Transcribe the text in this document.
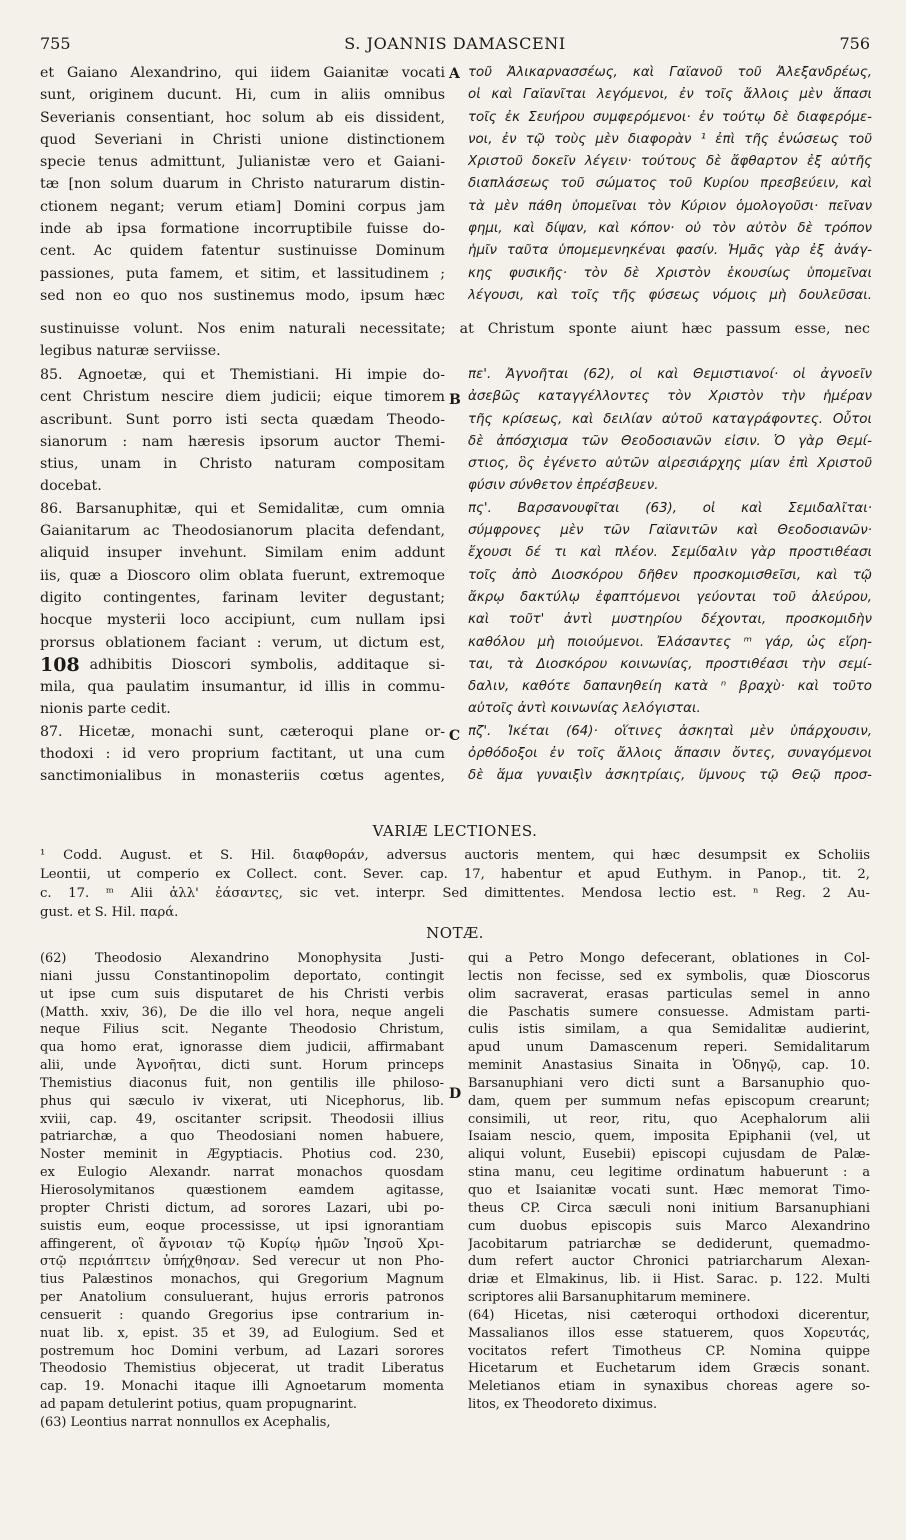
755	S. JOANNIS DAMASCENI	756
A
B
C
D
et Gaiano Alexandrino, qui iidem Gaianitæ vocati
sunt, originem ducunt. Hi, cum in aliis omnibus
Severianis consentiant, hoc solum ab eis dissident,
quod Severiani in Christi unione distinctionem
specie tenus admittunt, Julianistæ vero et Gaiani-
tæ [non solum duarum in Christo naturarum distin-
ctionem negant; verum etiam] Domini corpus jam
inde ab ipsa formatione incorruptibile fuisse do-
cent. Ac quidem fatentur sustinuisse Dominum
passiones, puta famem, et sitim, et lassitudinem ;
sed non eo quo nos sustinemus modo, ipsum hæc
τοῦ Ἀλικαρνασσέως, καὶ Γαϊανοῦ τοῦ Ἀλεξανδρέως,
οἱ καὶ Γαϊανῖται λεγόμενοι, ἐν τοῖς ἄλλοις μὲν ἅπασι
τοῖς ἐκ Σευήρου συμφερόμενοι· ἐν τούτῳ δὲ διαφερόμε-
νοι, ἐν τῷ τοὺς μὲν διαφορὰν ¹ ἐπὶ τῆς ἑνώσεως τοῦ
Χριστοῦ δοκεῖν λέγειν· τούτους δὲ ἄφθαρτον ἐξ αὐτῆς
διαπλάσεως τοῦ σώματος τοῦ Κυρίου πρεσβεύειν, καὶ
τὰ μὲν πάθη ὑπομεῖναι τὸν Κύριον ὁμολογοῦσι· πεῖναν
φημι, καὶ δίψαν, καὶ κόπον· οὐ τὸν αὐτὸν δὲ τρόπον
ἡμῖν ταῦτα ὑπομεμενηκέναι φασίν. Ἡμᾶς γὰρ ἐξ ἀνάγ-
κης φυσικῆς· τὸν δὲ Χριστὸν ἑκουσίως ὑπομεῖναι
λέγουσι, καὶ τοῖς τῆς φύσεως νόμοις μὴ δουλεῦσαι.
sustinuisse volunt. Nos enim naturali necessitate; at Christum sponte aiunt hæc passum esse, nec
legibus naturæ serviisse.
85. Agnoetæ, qui et Themistiani. Hi impie do-
cent Christum nescire diem judicii; eique timorem
ascribunt. Sunt porro isti secta quædam Theodo-
sianorum : nam hæresis ipsorum auctor Themi-
stius, unam in Christo naturam compositam
docebat.
86. Barsanuphitæ, qui et Semidalitæ, cum omnia
Gaianitarum ac Theodosianorum placita defendant,
aliquid insuper invehunt. Similam enim addunt
iis, quæ a Dioscoro olim oblata fuerunt, extremoque
digito contingentes, farinam leviter degustant;
hocque mysterii loco accipiunt, cum nullam ipsi
prorsus oblationem faciant : verum, ut dictum est,
108 adhibitis Dioscori symbolis, additaque si-
mila, qua paulatim insumantur, id illis in commu-
nionis parte cedit.
87. Hicetæ, monachi sunt, cæteroqui plane or-
thodoxi : id vero proprium factitant, ut una cum
sanctimonialibus in monasteriis cœtus agentes,
πε'. Ἀγνοῆται (62), οἱ καὶ Θεμιστιανοί· οἱ ἀγνοεῖν
ἀσεβῶς καταγγέλλοντες τὸν Χριστὸν τὴν ἡμέραν
τῆς κρίσεως, καὶ δειλίαν αὐτοῦ καταγράφοντες. Οὗτοι
δὲ ἀπόσχισμα τῶν Θεοδοσιανῶν εἰσιν. Ὁ γὰρ Θεμί-
στιος, ὃς ἐγένετο αὐτῶν αἱρεσιάρχης μίαν ἐπὶ Χριστοῦ
φύσιν σύνθετον ἐπρέσβευεν.
πς'. Βαρσανουφῖται (63), οἱ καὶ Σεμιδαλῖται·
σύμφρονες μὲν τῶν Γαϊανιτῶν καὶ Θεοδοσιανῶν·
ἔχουσι δέ τι καὶ πλέον. Σεμίδαλιν γὰρ προστιθέασι
τοῖς ἀπὸ Διοσκόρου δῆθεν προσκομισθεῖσι, καὶ τῷ
ἄκρῳ δακτύλῳ ἐφαπτόμενοι γεύονται τοῦ ἀλεύρου,
καὶ τοῦτ' ἀντὶ μυστηρίου δέχονται, προσκομιδὴν
καθόλου μὴ ποιούμενοι. Ἐλάσαντες ᵐ γάρ, ὡς εἴρη-
ται, τὰ Διοσκόρου κοινωνίας, προστιθέασι τὴν σεμί-
δαλιν, καθότε δαπανηθείη κατὰ ⁿ βραχὺ· καὶ τοῦτο
αὐτοῖς ἀντὶ κοινωνίας λελόγισται.
πζ'. Ἱκέται (64)· οἵτινες ἀσκηταὶ μὲν ὑπάρχουσιν,
ὀρθόδοξοι ἐν τοῖς ἄλλοις ἅπασιν ὄντες, συναγόμενοι
δὲ ἅμα γυναιξὶν ἀσκητρίαις, ὕμνους τῷ Θεῷ προσ-
VARIÆ LECTIONES.
¹ Codd. August. et S. Hil. διαφθοράν, adversus auctoris mentem, qui hæc desumpsit ex Scholiis
Leontii, ut comperio ex Collect. cont. Sever. cap. 17, habentur et apud Euthym. in Panop., tit. 2,
c. 17. ᵐ Alii ἀλλ' ἐάσαντες, sic vet. interpr. Sed dimittentes. Mendosa lectio est. ⁿ Reg. 2 Au-
gust. et S. Hil. παρά.
NOTÆ.
(62) Theodosio Alexandrino Monophysita Justi-
niani jussu Constantinopolim deportato, contingit
ut ipse cum suis disputaret de his Christi verbis
(Matth. xxiv, 36), De die illo vel hora, neque angeli
neque Filius scit. Negante Theodosio Christum,
qua homo erat, ignorasse diem judicii, affirmabant
alii, unde Ἀγνοῆται, dicti sunt. Horum princeps
Themistius diaconus fuit, non gentilis ille philoso-
phus qui sæculo iv vixerat, uti Nicephorus, lib.
xviii, cap. 49, oscitanter scripsit. Theodosii illius
patriarchæ, a quo Theodosiani nomen habuere,
Noster meminit in Ægyptiacis. Photius cod. 230,
ex Eulogio Alexandr. narrat monachos quosdam
Hierosolymitanos quæstionem eamdem agitasse,
propter Christi dictum, ad sorores Lazari, ubi po-
suistis eum, eoque processisse, ut ipsi ignorantiam
affingerent, οἳ ἄγνοιαν τῷ Κυρίῳ ἡμῶν Ἰησοῦ Χρι-
στῷ περιάπτειν ὑπήχθησαν. Sed verecur ut non Pho-
tius Palæstinos monachos, qui Gregorium Magnum
per Anatolium consuluerant, hujus erroris patronos
censuerit : quando Gregorius ipse contrarium in-
nuat lib. x, epist. 35 et 39, ad Eulogium. Sed et
postremum hoc Domini verbum, ad Lazari sorores
Theodosio Themistius objecerat, ut tradit Liberatus
cap. 19. Monachi itaque illi Agnoetarum momenta
ad papam detulerint potius, quam propugnarint.
(63) Leontius narrat nonnullos ex Acephalis,
qui a Petro Mongo defecerant, oblationes in Col-
lectis non fecisse, sed ex symbolis, quæ Dioscorus
olim sacraverat, erasas particulas semel in anno
die Paschatis sumere consuesse. Admistam parti-
culis istis similam, a qua Semidalitæ audierint,
apud unum Damascenum reperi. Semidalitarum
meminit Anastasius Sinaita in Ὁδηγῷ, cap. 10.
Barsanuphiani vero dicti sunt a Barsanuphio quo-
dam, quem per summum nefas episcopum crearunt;
consimili, ut reor, ritu, quo Acephalorum alii
Isaiam nescio, quem, imposita Epiphanii (vel, ut
aliqui volunt, Eusebii) episcopi cujusdam de Palæ-
stina manu, ceu legitime ordinatum habuerunt : a
quo et Isaianitæ vocati sunt. Hæc memorat Timo-
theus CP. Circa sæculi noni initium Barsanuphiani
cum duobus episcopis suis Marco Alexandrino
Jacobitarum patriarchæ se dediderunt, quemadmo-
dum refert auctor Chronici patriarcharum Alexan-
driæ et Elmakinus, lib. ii Hist. Sarac. p. 122. Multi
scriptores alii Barsanuphitarum meminere.
(64) Hicetas, nisi cæteroqui orthodoxi dicerentur,
Massalianos illos esse statuerem, quos Χορευτάς,
vocitatos refert Timotheus CP. Nomina quippe
Hicetarum et Euchetarum idem Græcis sonant.
Meletianos etiam in synaxibus choreas agere so-
litos, ex Theodoreto diximus.
